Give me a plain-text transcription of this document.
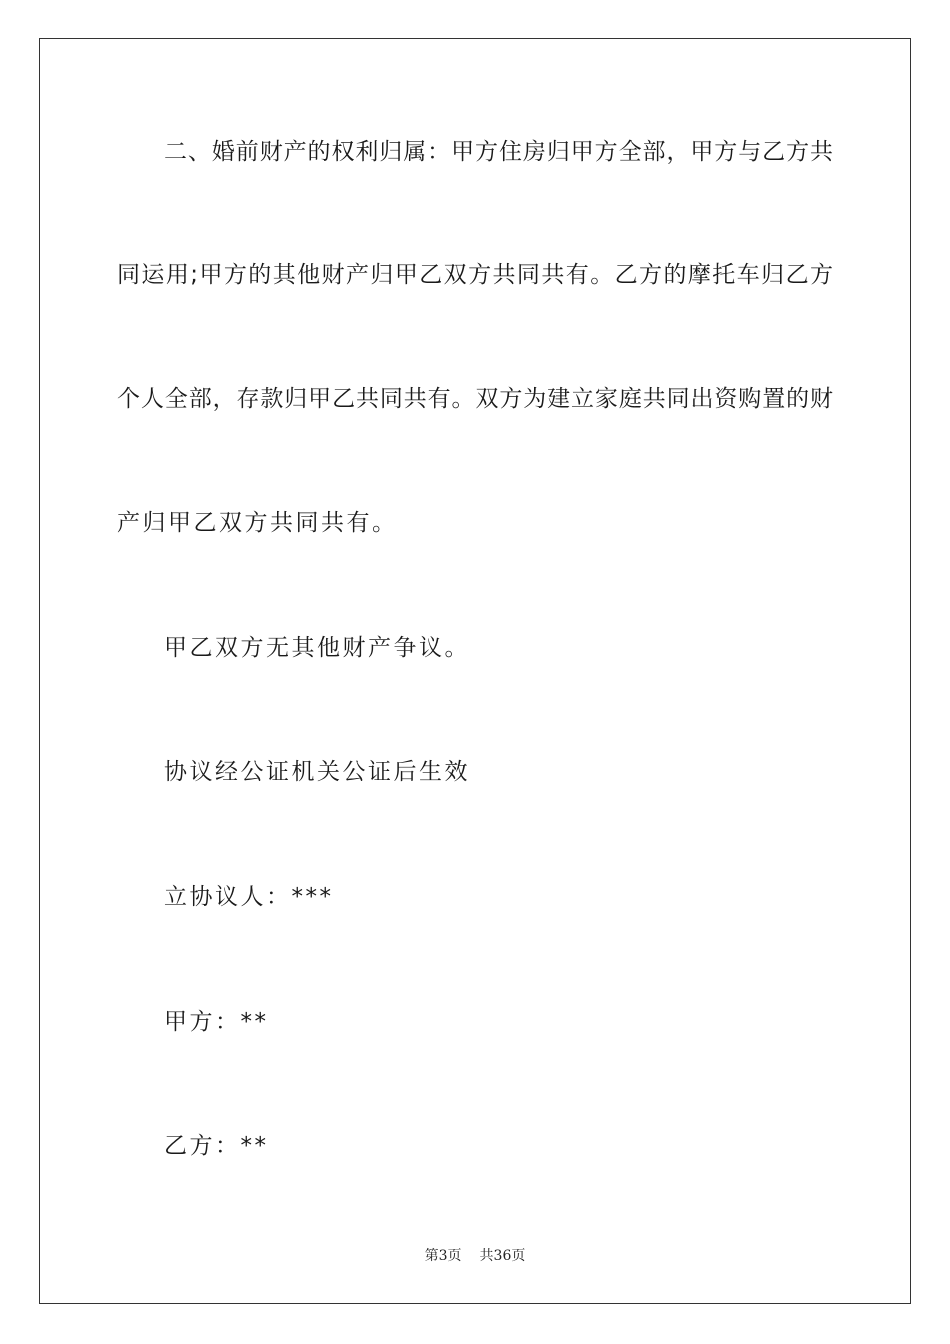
二、婚前财产的权利归属：甲方住房归甲方全部，甲方与乙方共
同运用;甲方的其他财产归甲乙双方共同共有。乙方的摩托车归乙方
个人全部，存款归甲乙共同共有。双方为建立家庭共同出资购置的财
产归甲乙双方共同共有。
甲乙双方无其他财产争议。
协议经公证机关公证后生效
立协议人：***
甲方：**
乙方：**
第3页 共36页
